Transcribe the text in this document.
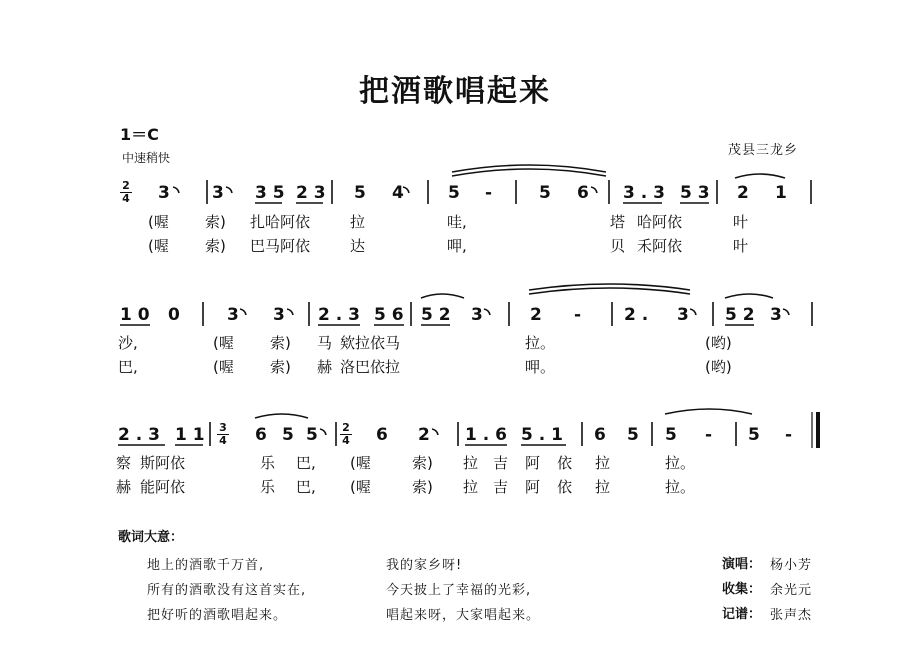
把酒歌唱起来
1＝C
中速稍快	茂县三龙乡
2
4
3
4
2
4
3 3 3 5 2 3 5 4	5 -	5 6 3 . 3 5 3 2 1
(喔 索) 扎哈阿依	拉	哇,	塔 哈阿依	叶
(喔 索) 巴马阿依	达	呷,	贝 禾阿依	叶
1 0 0	3 3 2 . 3 5 6 5 2 3	2 -	2 . 3 5 2 3
沙,	(喔 索) 马 欸拉依马	拉。	(哟)
巴,	(喔 索) 赫 洛巴依拉	呷。	(哟)
2 . 3 1 1	6 5 5	6 2 1 . 6 5 . 1 6 5 5 - 5 -
察 斯阿依	乐 巴, (喔	索) 拉 吉 阿 依 拉	拉。
赫 能阿依	乐 巴, (喔	索) 拉 吉 阿 依 拉	拉。
歌词大意：
地上的酒歌千万首,
所有的酒歌没有这首实在,
把好听的酒歌唱起来。
我的家乡呀!
今天披上了幸福的光彩,
唱起来呀，大家唱起来。
演唱： 杨小芳
收集： 余光元
记谱： 张声杰
